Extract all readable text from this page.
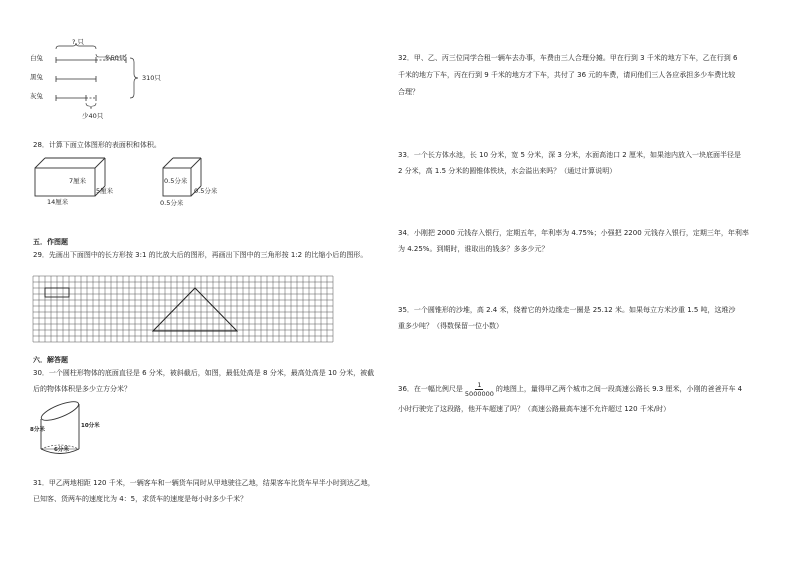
? 只
白兔
黑兔
灰兔
多50只
310只
少40只
28．计算下面立体图形的表面积和体积。
7厘米
5厘米
14厘米
0.5分米
0.5分米
0.5分米
五．作图题
29．先画出下面图中的长方形按 3:1 的比放大后的图形，再画出下图中的三角形按 1:2 的比缩小后的图形。
六．解答题
30．一个圆柱形物体的底面直径是 6 分米，被斜截后，如图，最低处高是 8 分米，最高处高是 10 分米，被截
后的物体体积是多少立方分米？
8分米
10分米
6分米
31．甲乙两地相距 120 千米，一辆客车和一辆货车同时从甲地驶往乙地，结果客车比货车早半小时到达乙地，
已知客、货两车的速度比为 4：5，求货车的速度是每小时多少千米？
32．甲、乙、丙三位同学合租一辆车去办事，车费由三人合理分摊。甲在行到 3 千米的地方下车，乙在行到 6
千米的地方下车，丙在行到 9 千米的地方才下车，共付了 36 元的车费，请问他们三人各应承担多少车费比较
合理？
33．一个长方体水池，长 10 分米，宽 5 分米，深 3 分米，水面高池口 2 厘米，如果池内放入一块底面半径是
2 分米，高 1.5 分米的圆锥体铁块，水会溢出来吗？（通过计算说明）
34．小刚把 2000 元钱存入银行，定期五年，年利率为 4.75%；小强把 2200 元钱存入银行，定期三年，年利率
为 4.25%。到期时，谁取出的钱多？多多少元？
35．一个圆锥形的沙堆，高 2.4 米，绕着它的外边缘走一圈是 25.12 米。如果每立方米沙重 1.5 吨，这堆沙
重多少吨？（得数保留一位小数）
36．在一幅比例尺是 $\frac{1}{5000000}$ 的地图上，量得甲乙两个城市之间一段高速公路长 9.3 厘米，小刚的爸爸开车 4
小时行驶完了这段路，他开车超速了吗？（高速公路最高车速不允许超过 120 千米/时）
